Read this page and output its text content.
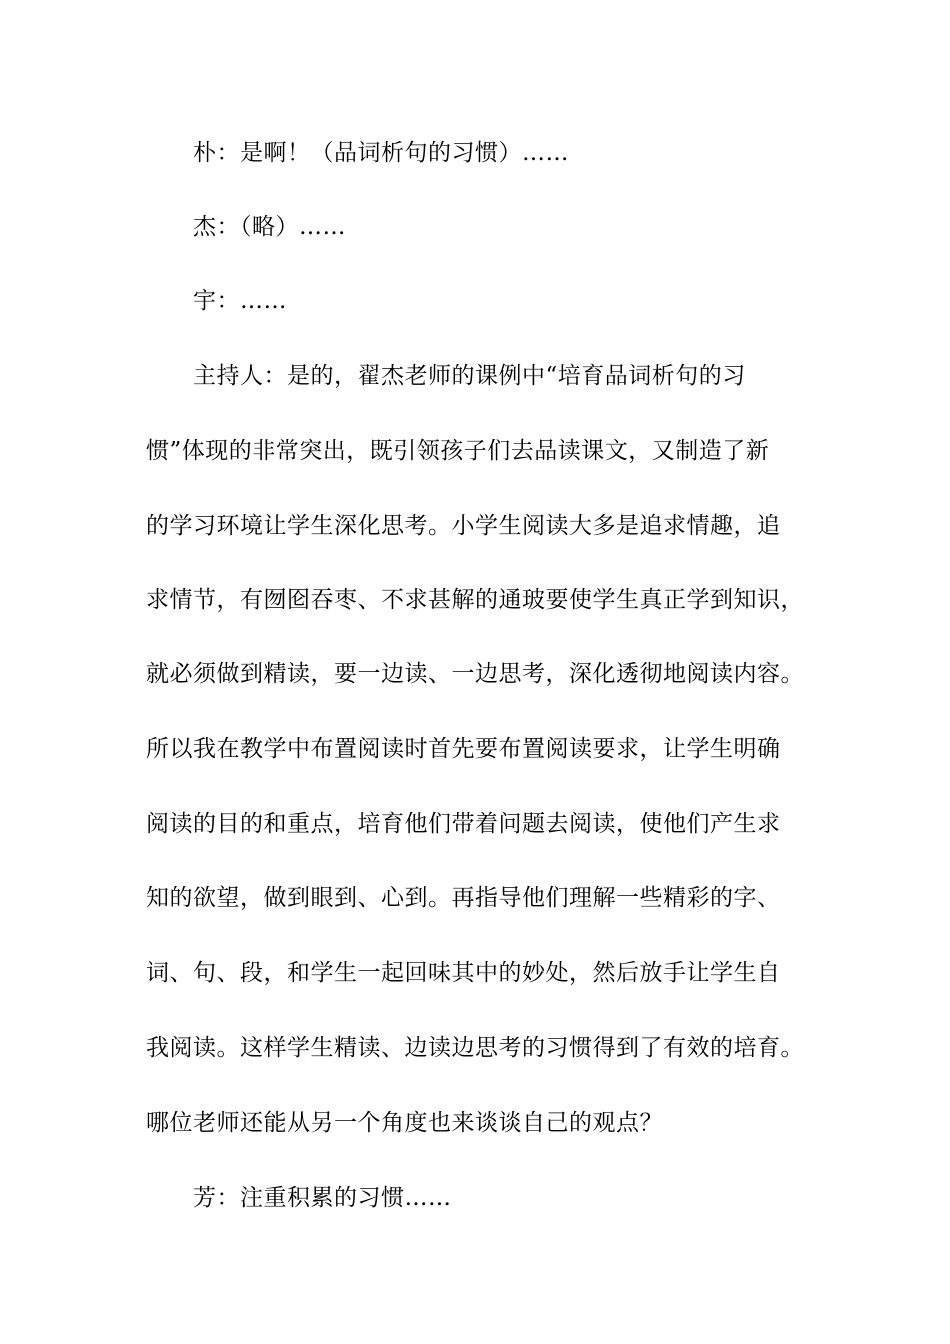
朴：是啊！（品词析句的习惯）……
杰：（略）……
宇：……
主持人：是的，翟杰老师的课例中“培育品词析句的习
惯”体现的非常突出，既引领孩子们去品读课文，又制造了新
的学习环境让学生深化思考。小学生阅读大多是追求情趣，追
求情节，有囫囵吞枣、不求甚解的通玻要使学生真正学到知识，
就必须做到精读，要一边读、一边思考，深化透彻地阅读内容。
所以我在教学中布置阅读时首先要布置阅读要求，让学生明确
阅读的目的和重点，培育他们带着问题去阅读，使他们产生求
知的欲望，做到眼到、心到。再指导他们理解一些精彩的字、
词、句、段，和学生一起回味其中的妙处，然后放手让学生自
我阅读。这样学生精读、边读边思考的习惯得到了有效的培育。
哪位老师还能从另一个角度也来谈谈自己的观点？
芳：注重积累的习惯……
